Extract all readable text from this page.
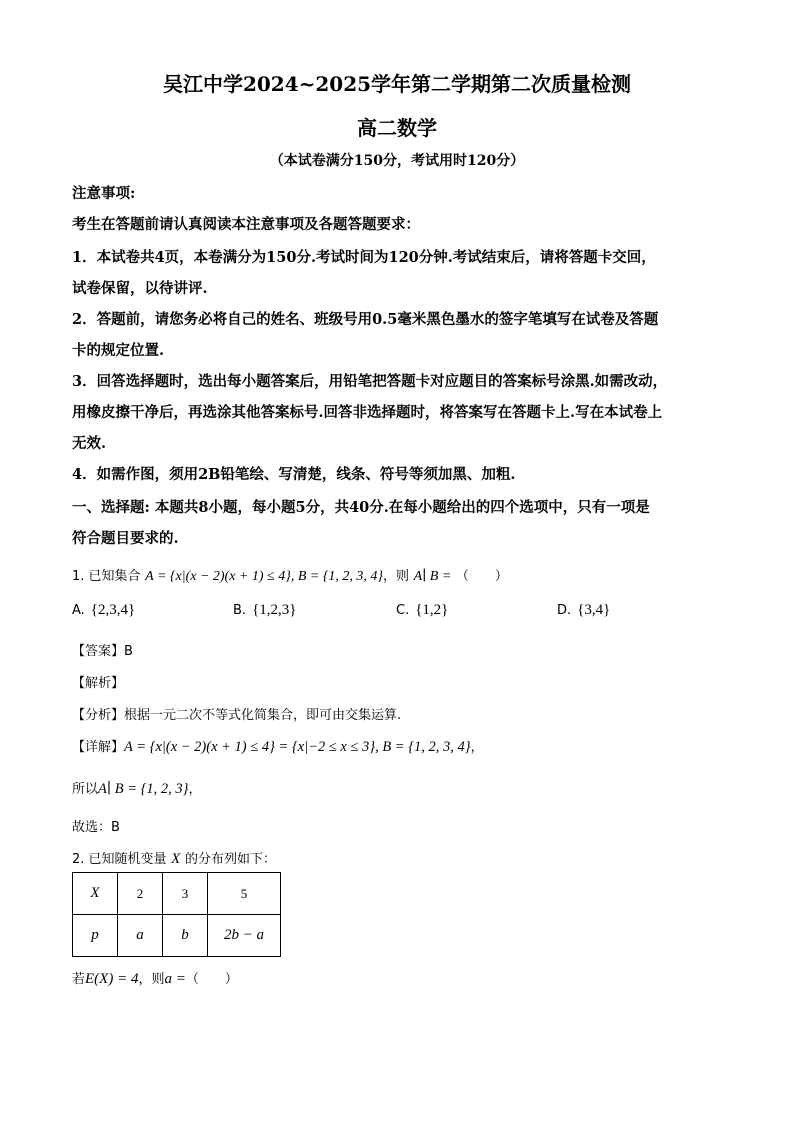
吴江中学2024~2025学年第二学期第二次质量检测
高二数学
（本试卷满分150分，考试用时120分）
注意事项:
考生在答题前请认真阅读本注意事项及各题答题要求：
1．本试卷共4页，本卷满分为150分.考试时间为120分钟.考试结束后，请将答题卡交回，
试卷保留，以待讲评.
2．答题前，请您务必将自己的姓名、班级号用0.5毫米黑色墨水的签字笔填写在试卷及答题
卡的规定位置.
3．回答选择题时，选出每小题答案后，用铅笔把答题卡对应题目的答案标号涂黑.如需改动，
用橡皮擦干净后，再选涂其他答案标号.回答非选择题时，将答案写在答题卡上.写在本试卷上
无效.
4．如需作图，须用2B铅笔绘、写清楚，线条、符号等须加黑、加粗.
一、选择题: 本题共8小题，每小题5分，共40分.在每小题给出的四个选项中，只有一项是
符合题目要求的.
1. 已知集合 A = {x|(x − 2)(x + 1) ≤ 4}, B = {1, 2, 3, 4}，则 A∣ B = （　　）
A. {2,3,4}	B. {1,2,3}	C. {1,2}	D. {3,4}
【答案】B
【解析】
【分析】根据一元二次不等式化简集合，即可由交集运算.
【详解】A = {x|(x − 2)(x + 1) ≤ 4} = {x|−2 ≤ x ≤ 3}, B = {1, 2, 3, 4}，
所以A∣ B = {1, 2, 3}，
故选：B
2. 已知随机变量 X 的分布列如下：
X	2	3	5
p	a	b	2b − a
若E(X) = 4，则a =（　　）
